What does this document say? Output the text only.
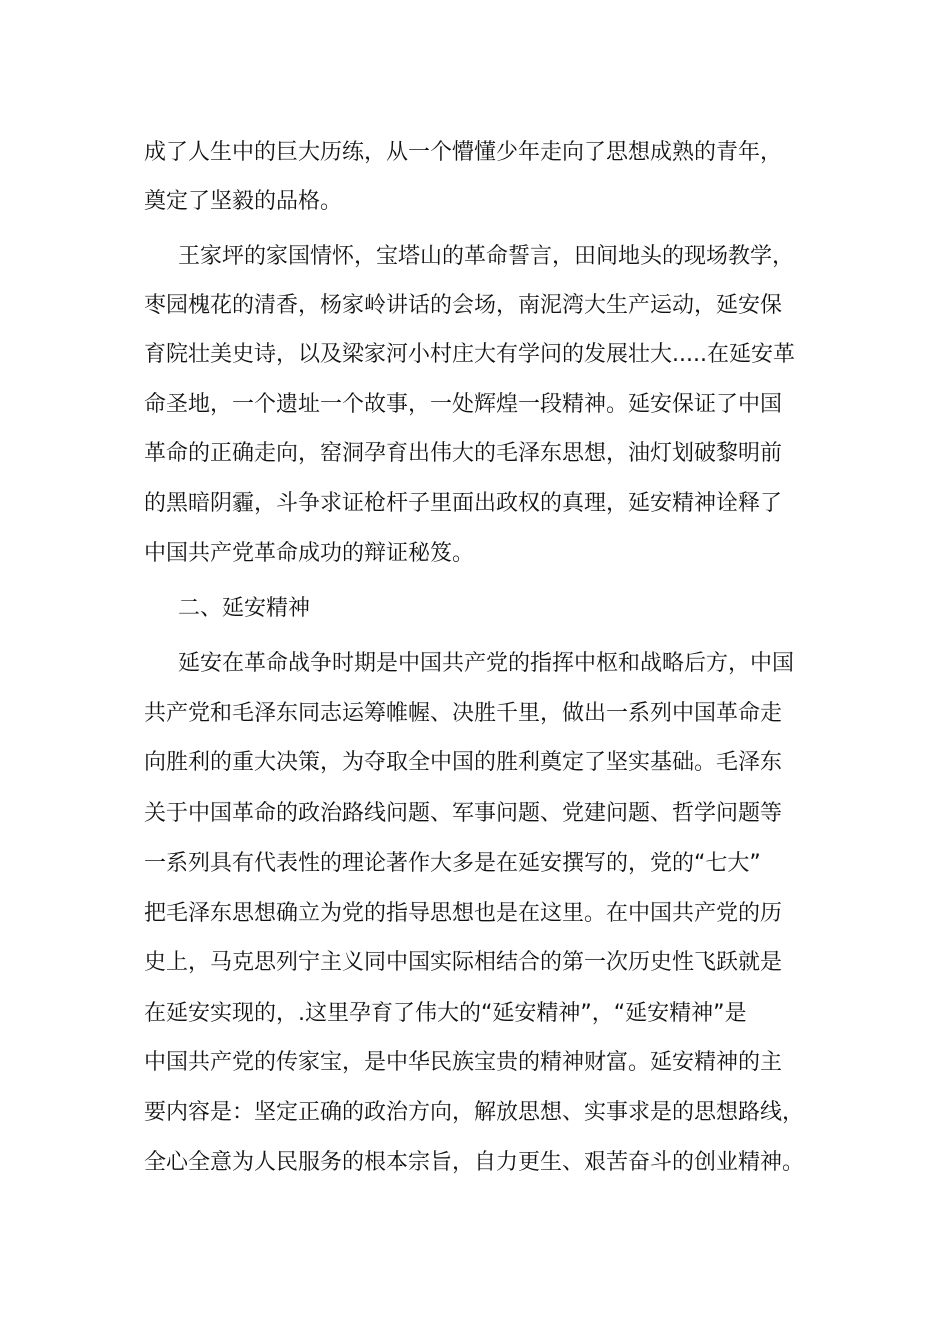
成了人生中的巨大历练，从一个懵懂少年走向了思想成熟的青年，
奠定了坚毅的品格。
王家坪的家国情怀，宝塔山的革命誓言，田间地头的现场教学，
枣园槐花的清香，杨家岭讲话的会场，南泥湾大生产运动，延安保
育院壮美史诗，以及梁家河小村庄大有学问的发展壮大.....在延安革
命圣地，一个遗址一个故事，一处辉煌一段精神。延安保证了中国
革命的正确走向，窑洞孕育出伟大的毛泽东思想，油灯划破黎明前
的黑暗阴霾，斗争求证枪杆子里面出政权的真理，延安精神诠释了
中国共产党革命成功的辩证秘笈。
二、延安精神
延安在革命战争时期是中国共产党的指挥中枢和战略后方，中国
共产党和毛泽东同志运筹帷幄、决胜千里，做出一系列中国革命走
向胜利的重大决策，为夺取全中国的胜利奠定了坚实基础。毛泽东
关于中国革命的政治路线问题、军事问题、党建问题、哲学问题等
一系列具有代表性的理论著作大多是在延安撰写的，党的“七大”
把毛泽东思想确立为党的指导思想也是在这里。在中国共产党的历
史上，马克思列宁主义同中国实际相结合的第一次历史性飞跃就是
在延安实现的，.这里孕育了伟大的“延安精神”，“延安精神”是
中国共产党的传家宝，是中华民族宝贵的精神财富。延安精神的主
要内容是：坚定正确的政治方向，解放思想、实事求是的思想路线，
全心全意为人民服务的根本宗旨，自力更生、艰苦奋斗的创业精神。
